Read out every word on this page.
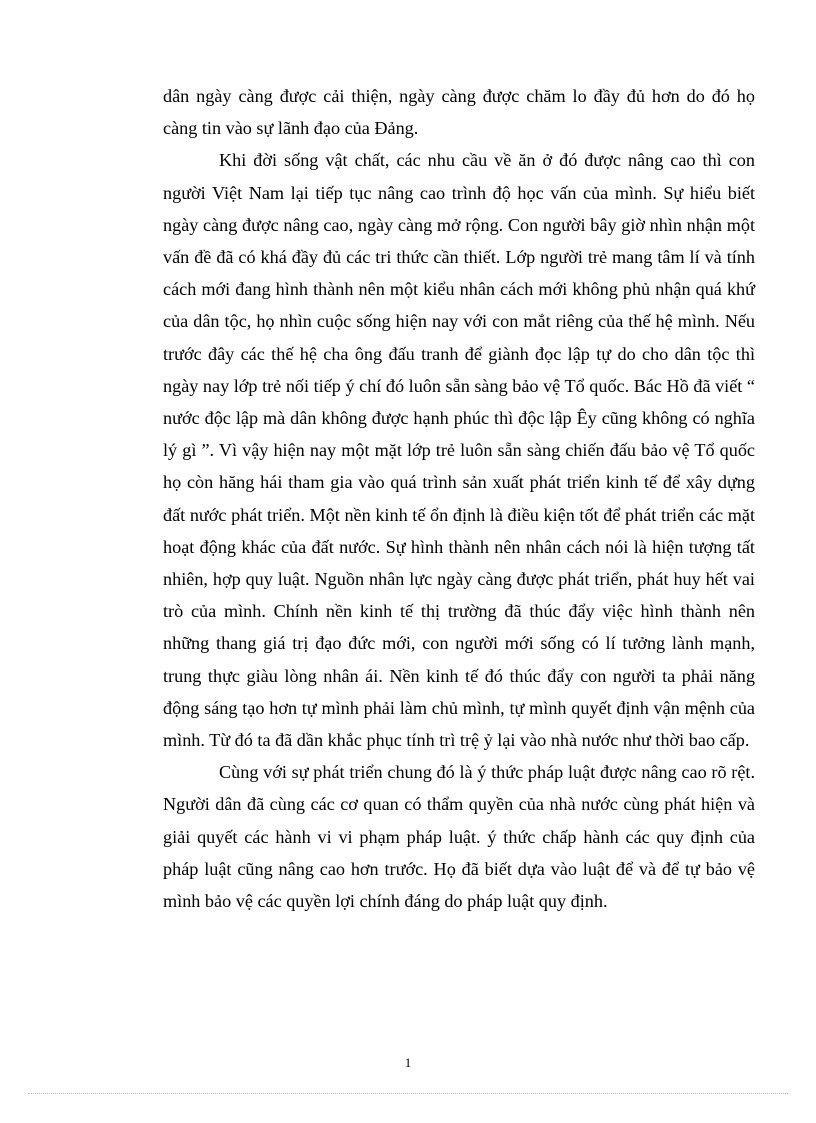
dân ngày càng được cải thiện, ngày càng được chăm lo đầy đủ hơn do đó họ càng tin vào sự lãnh đạo của Đảng.

Khi đời sống vật chất, các nhu cầu về ăn ở đó được nâng cao thì con người Việt Nam lại tiếp tục nâng cao trình độ học vấn của mình. Sự hiểu biết ngày càng được nâng cao, ngày càng mở rộng. Con người bây giờ nhìn nhận một vấn đề đã có khá đầy đủ các tri thức cần thiết. Lớp người trẻ mang tâm lí và tính cách mới đang hình thành nên một kiểu nhân cách mới không phủ nhận quá khứ của dân tộc, họ nhìn cuộc sống hiện nay với con mắt riêng của thế hệ mình. Nếu trước đây các thế hệ cha ông đấu tranh để giành đọc lập tự do cho dân tộc thì ngày nay lớp trẻ nối tiếp ý chí đó luôn sẵn sàng bảo vệ Tổ quốc. Bác Hồ đã viết “ nước độc lập mà dân không được hạnh phúc thì độc lập Êy cũng không có nghĩa lý gì ”. Vì vậy hiện nay một mặt lớp trẻ luôn sẵn sàng chiến đấu bảo vệ Tổ quốc họ còn hăng hái tham gia vào quá trình sản xuất phát triển kinh tế để xây dựng đất nước phát triển. Một nền kinh tế ổn định là điều kiện tốt để phát triển các mặt hoạt động khác của đất nước. Sự hình thành nên nhân cách nói là hiện tượng tất nhiên, hợp quy luật. Nguồn nhân lực ngày càng được phát triển, phát huy hết vai trò của mình. Chính nền kinh tế thị trường đã thúc đẩy việc hình thành nên những thang giá trị đạo đức mới, con người mới sống có lí tưởng lành mạnh, trung thực giàu lòng nhân ái. Nền kinh tế đó thúc đẩy con người ta phải năng động sáng tạo hơn tự mình phải làm chủ mình, tự mình quyết định vận mệnh của mình. Từ đó ta đã dần khắc phục tính trì trệ ỷ lại vào nhà nước như thời bao cấp.

Cùng với sự phát triển chung đó là ý thức pháp luật được nâng cao rõ rệt. Người dân đã cùng các cơ quan có thẩm quyền của nhà nước cùng phát hiện và giải quyết các hành vi vi phạm pháp luật. ý thức chấp hành các quy định của pháp luật cũng nâng cao hơn trước. Họ đã biết dựa vào luật để và để tự bảo vệ mình bảo vệ các quyền lợi chính đáng do pháp luật quy định.

1
